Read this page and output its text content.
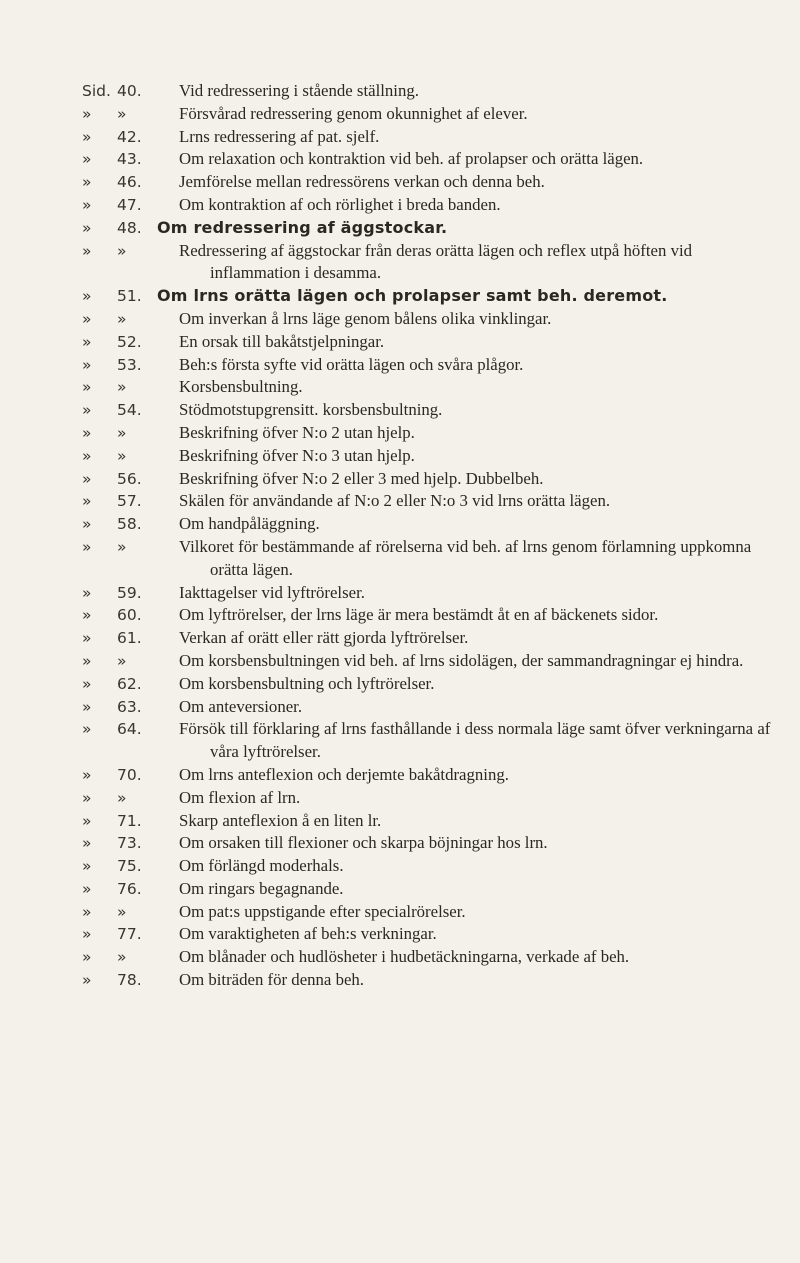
Sid. 40.	Vid redressering i stående ställning.
»	»	Försvårad redressering genom okunnighet af elever.
»	42.	Lrns redressering af pat. sjelf.
»	43.	Om relaxation och kontraktion vid beh. af prolapser och orätta lägen.
»	46.	Jemförelse mellan redressörens verkan och denna beh.
»	47.	Om kontraktion af och rörlighet i breda banden.
»	48. Om redressering af äggstockar.
»	»	Redressering af äggstockar från deras orätta lägen och reflex utpå höften vid inflammation i desamma.
»	51. Om lrns orätta lägen och prolapser samt beh. deremot.
»	»	Om inverkan å lrns läge genom bålens olika vinklingar.
»	52.	En orsak till bakåtstjelpningar.
»	53.	Beh:s första syfte vid orätta lägen och svåra plågor.
»	»	Korsbensbultning.
»	54.	Stödmotstupgrensitt. korsbensbultning.
»	»	Beskrifning öfver N:o 2 utan hjelp.
»	»	Beskrifning öfver N:o 3 utan hjelp.
»	56.	Beskrifning öfver N:o 2 eller 3 med hjelp. Dubbelbeh.
»	57.	Skälen för användande af N:o 2 eller N:o 3 vid lrns orätta lägen.
»	58.	Om handpåläggning.
»	»	Vilkoret för bestämmande af rörelserna vid beh. af lrns genom förlamning uppkomna orätta lägen.
»	59.	Iakttagelser vid lyftrörelser.
»	60.	Om lyftrörelser, der lrns läge är mera bestämdt åt en af bäckenets sidor.
»	61.	Verkan af orätt eller rätt gjorda lyftrörelser.
»	»	Om korsbensbultningen vid beh. af lrns sidolägen, der sammandragningar ej hindra.
»	62.	Om korsbensbultning och lyftrörelser.
»	63.	Om anteversioner.
»	64.	Försök till förklaring af lrns fasthållande i dess normala läge samt öfver verkningarna af våra lyftrörelser.
»	70.	Om lrns anteflexion och derjemte bakåtdragning.
»	»	Om flexion af lrn.
»	71.	Skarp anteflexion å en liten lr.
»	73.	Om orsaken till flexioner och skarpa böjningar hos lrn.
»	75.	Om förlängd moderhals.
»	76.	Om ringars begagnande.
»	»	Om pat:s uppstigande efter specialrörelser.
»	77.	Om varaktigheten af beh:s verkningar.
»	»	Om blånader och hudlösheter i hudbetäckningarna, verkade af beh.
»	78.	Om biträden för denna beh.
